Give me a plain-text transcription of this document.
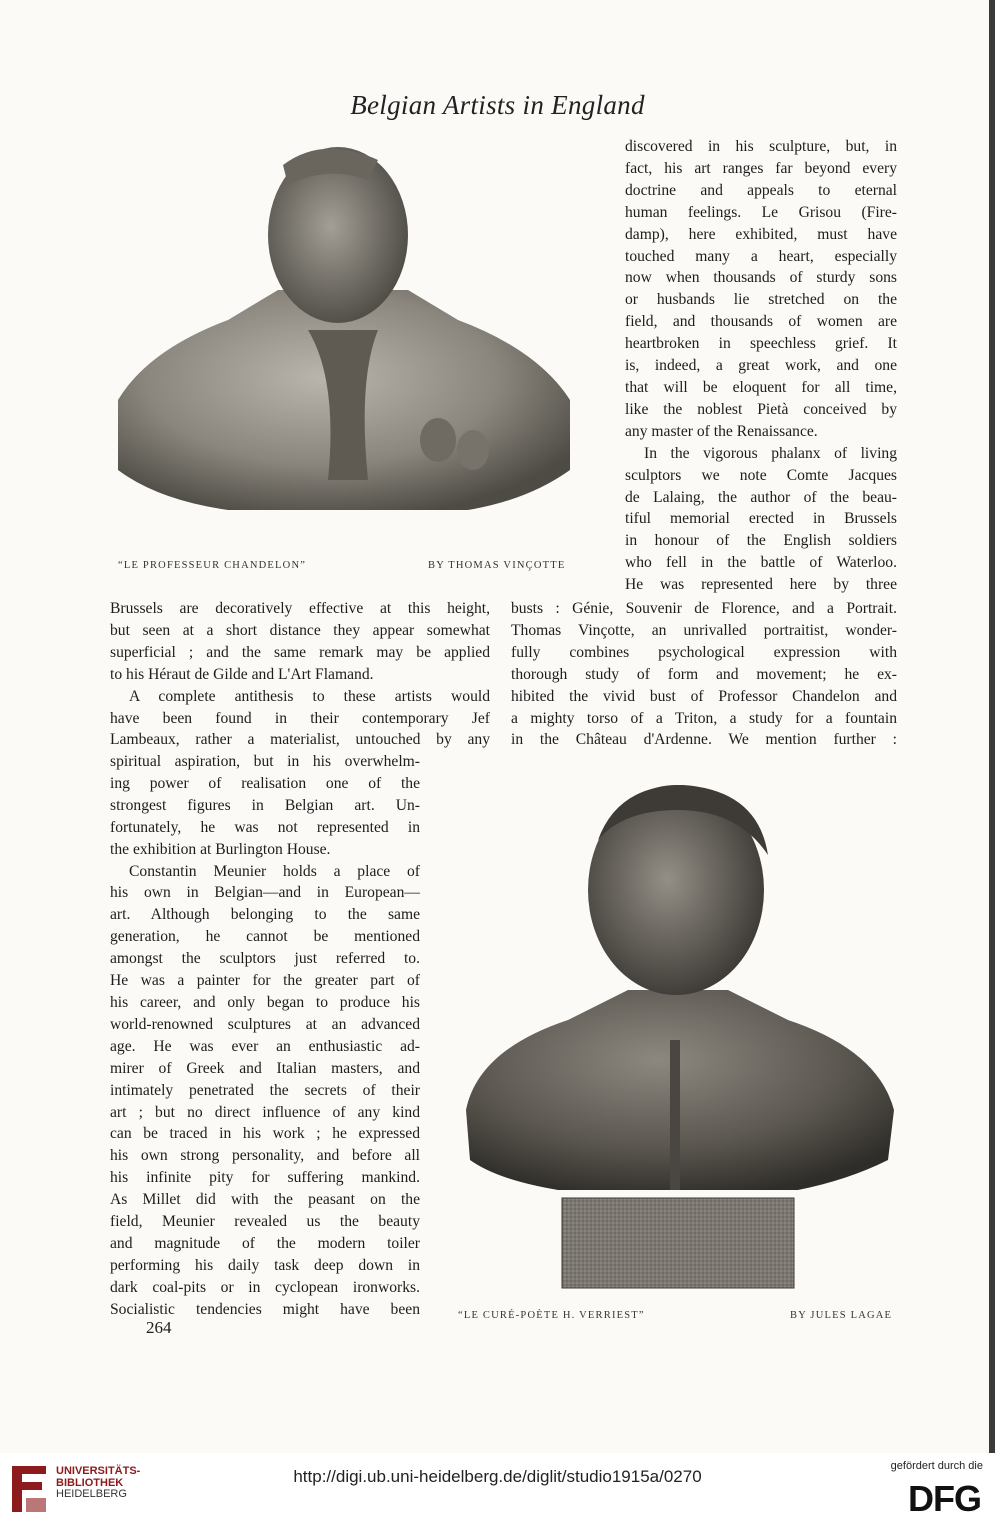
Belgian Artists in England
“LE PROFESSEUR CHANDELON”	BY THOMAS VINÇOTTE

discovered in his sculpture, but, in
fact, his art ranges far beyond every
doctrine and appeals to eternal
human feelings. Le Grisou (Fire-
damp), here exhibited, must have
touched many a heart, especially
now when thousands of sturdy sons
or husbands lie stretched on the
field, and thousands of women are
heartbroken in speechless grief. It
is, indeed, a great work, and one
that will be eloquent for all time,
like the noblest Pietà conceived by
any master of the Renaissance.

In the vigorous phalanx of living
sculptors we note Comte Jacques
de Lalaing, the author of the beau-
tiful memorial erected in Brussels
in honour of the English soldiers
who fell in the battle of Waterloo.
He was represented here by three

Brussels are decoratively effective at this height,
but seen at a short distance they appear somewhat
superficial ; and the same remark may be applied
to his Héraut de Gilde and L'Art Flamand.
A complete antithesis to these artists would
have been found in their contemporary Jef
Lambeaux, rather a materialist, untouched by any
busts : Génie, Souvenir de Florence, and a Portrait.
Thomas Vinçotte, an unrivalled portraitist, wonder-
fully combines psychological expression with
thorough study of form and movement; he ex-
hibited the vivid bust of Professor Chandelon and
a mighty torso of a Triton, a study for a fountain
in the Château d'Ardenne. We mention further :
spiritual aspiration, but in his overwhelm-
ing power of realisation one of the
strongest figures in Belgian art. Un-
fortunately, he was not represented in
the exhibition at Burlington House.
Constantin Meunier holds a place of
his own in Belgian—and in European—
art. Although belonging to the same
generation, he cannot be mentioned
amongst the sculptors just referred to.
He was a painter for the greater part of
his career, and only began to produce his
world-renowned sculptures at an advanced
age. He was ever an enthusiastic ad-
mirer of Greek and Italian masters, and
intimately penetrated the secrets of their
art ; but no direct influence of any kind
can be traced in his work ; he expressed
his own strong personality, and before all
his infinite pity for suffering mankind.
As Millet did with the peasant on the
field, Meunier revealed us the beauty
and magnitude of the modern toiler
performing his daily task deep down in
dark coal-pits or in cyclopean ironworks.
Socialistic tendencies might have been	“LE CURÉ-POÈTE H. VERRIEST”	BY JULES LAGAE
264
UNIVERSITÄTS-
BIBLIOTHEK
HEIDELBERG
http://digi.ub.uni-heidelberg.de/diglit/studio1915a/0270
gefördert durch die
DFG
